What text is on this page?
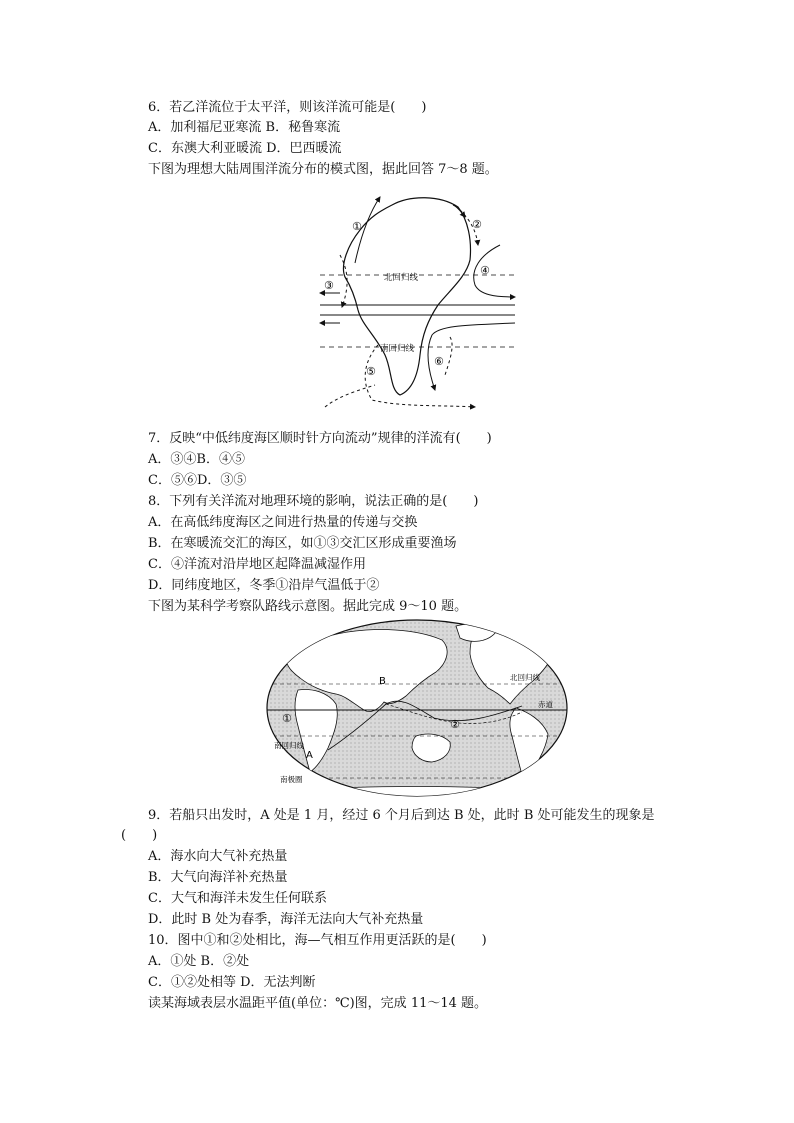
6．若乙洋流位于太平洋，则该洋流可能是(　　)
A．加利福尼亚寒流 B．秘鲁寒流
C．东澳大利亚暖流 D．巴西暖流
下图为理想大陆周围洋流分布的模式图，据此回答 7～8 题。
北回归线
南回归线
①	②
③
④
⑤
⑥
7．反映“中低纬度海区顺时针方向流动”规律的洋流有(　　)
A．③④B．④⑤
C．⑤⑥D．③⑤
8．下列有关洋流对地理环境的影响，说法正确的是(　　)
A．在高低纬度海区之间进行热量的传递与交换
B．在寒暖流交汇的海区，如①③交汇区形成重要渔场
C．④洋流对沿岸地区起降温减湿作用
D．同纬度地区，冬季①沿岸气温低于②
下图为某科学考察队路线示意图。据此完成 9～10 题。
北回归线
赤道
南回归线
南极圈
A
B
①	②
9．若船只出发时，A 处是 1 月，经过 6 个月后到达 B 处，此时 B 处可能发生的现象是
(　　)
A．海水向大气补充热量
B．大气向海洋补充热量
C．大气和海洋未发生任何联系
D．此时 B 处为春季，海洋无法向大气补充热量
10．图中①和②处相比，海—气相互作用更活跃的是(　　)
A．①处 B．②处
C．①②处相等 D．无法判断
读某海域表层水温距平值(单位：℃)图，完成 11～14 题。
